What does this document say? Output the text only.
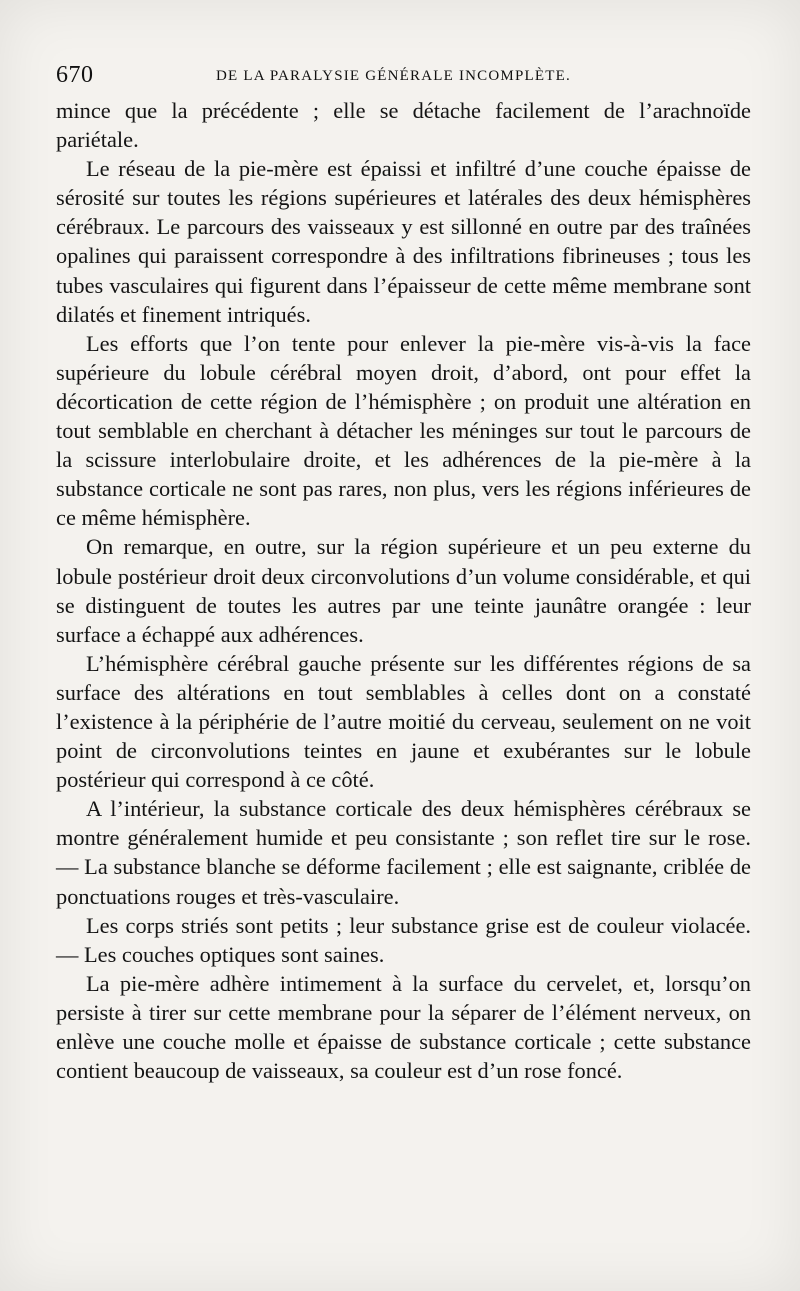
670	DE LA PARALYSIE GÉNÉRALE INCOMPLÈTE.

mince que la précédente ; elle se détache facilement de l’arachnoïde pariétale.

Le réseau de la pie-mère est épaissi et infiltré d’une couche épaisse de sérosité sur toutes les régions supérieures et latérales des deux hémisphères cérébraux. Le parcours des vaisseaux y est sillonné en outre par des traînées opalines qui paraissent correspondre à des infiltrations fibrineuses ; tous les tubes vasculaires qui figurent dans l’épaisseur de cette même membrane sont dilatés et finement intriqués.

Les efforts que l’on tente pour enlever la pie-mère vis-à-vis la face supérieure du lobule cérébral moyen droit, d’abord, ont pour effet la décortication de cette région de l’hémisphère ; on produit une altération en tout semblable en cherchant à détacher les méninges sur tout le parcours de la scissure interlobulaire droite, et les adhérences de la pie-mère à la substance corticale ne sont pas rares, non plus, vers les régions inférieures de ce même hémisphère.

On remarque, en outre, sur la région supérieure et un peu externe du lobule postérieur droit deux circonvolutions d’un volume considérable, et qui se distinguent de toutes les autres par une teinte jaunâtre orangée : leur surface a échappé aux adhérences.

L’hémisphère cérébral gauche présente sur les différentes régions de sa surface des altérations en tout semblables à celles dont on a constaté l’existence à la périphérie de l’autre moitié du cerveau, seulement on ne voit point de circonvolutions teintes en jaune et exubérantes sur le lobule postérieur qui correspond à ce côté.

A l’intérieur, la substance corticale des deux hémisphères cérébraux se montre généralement humide et peu consistante ; son reflet tire sur le rose. — La substance blanche se déforme facilement ; elle est saignante, criblée de ponctuations rouges et très-vasculaire.

Les corps striés sont petits ; leur substance grise est de couleur violacée. — Les couches optiques sont saines.

La pie-mère adhère intimement à la surface du cervelet, et, lorsqu’on persiste à tirer sur cette membrane pour la séparer de l’élément nerveux, on enlève une couche molle et épaisse de substance corticale ; cette substance contient beaucoup de vaisseaux, sa couleur est d’un rose foncé.
